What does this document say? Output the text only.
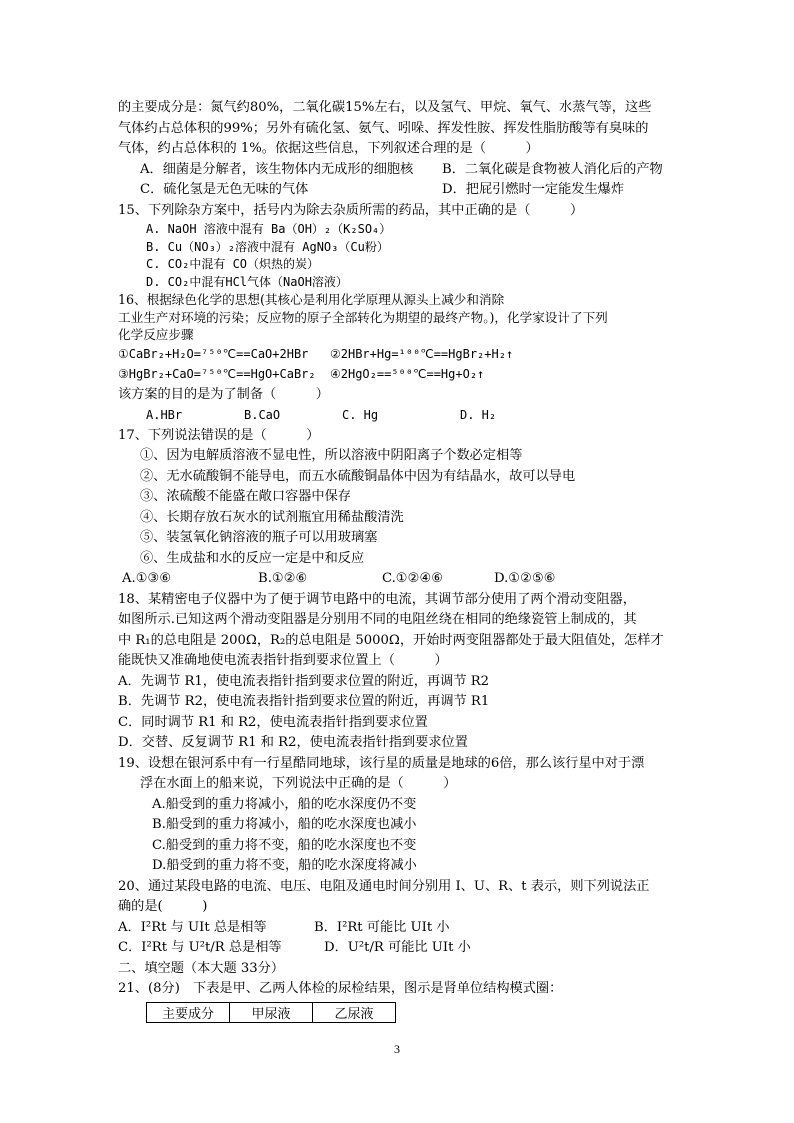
的主要成分是：氮气约80%，二氧化碳15%左右，以及氢气、甲烷、氧气、水蒸气等，这些
气体约占总体积的99%；另外有硫化氢、氨气、吲哚、挥发性胺、挥发性脂肪酸等有臭味的
气体，约占总体积的 1%。依据这些信息，下列叙述合理的是（　　　）
A．细菌是分解者，该生物体内无成形的细胞核	B．二氧化碳是食物被人消化后的产物
C．硫化氢是无色无味的气体	D．把屁引燃时一定能发生爆炸
15、下列除杂方案中，括号内为除去杂质所需的药品，其中正确的是（　　　）
A. NaOH 溶液中混有 Ba（OH）₂（K₂SO₄）
B. Cu（NO₃）₂溶液中混有 AgNO₃（Cu粉）
C. CO₂中混有 CO（炽热的炭）
D. CO₂中混有HCl气体（NaOH溶液）
16、根据绿色化学的思想(其核心是利用化学原理从源头上减少和消除
工业生产对环境的污染；反应物的原子全部转化为期望的最终产物。)，化学家设计了下列
化学反应步骤
①CaBr₂+H₂O=⁷⁵⁰℃==CaO+2HBr	②2HBr+Hg=¹⁰⁰℃==HgBr₂+H₂↑
③HgBr₂+CaO=⁷⁵⁰℃==HgO+CaBr₂	④2HgO₂==⁵⁰⁰℃==Hg+O₂↑
该方案的目的是为了制备（　　　）
A.HBr	B.CaO	C. Hg	D. H₂
17、下列说法错误的是（　　　）
①、因为电解质溶液不显电性，所以溶液中阴阳离子个数必定相等
②、无水硫酸铜不能导电，而五水硫酸铜晶体中因为有结晶水，故可以导电
③、浓硫酸不能盛在敞口容器中保存
④、长期存放石灰水的试剂瓶宜用稀盐酸清洗
⑤、装氢氧化钠溶液的瓶子可以用玻璃塞
⑥、生成盐和水的反应一定是中和反应
A.①③⑥	B.①②⑥	C.①②④⑥	D.①②⑤⑥
18、某精密电子仪器中为了便于调节电路中的电流，其调节部分使用了两个滑动变阻器，
如图所示.已知这两个滑动变阻器是分别用不同的电阻丝绕在相同的绝缘瓷管上制成的，其
中 R₁的总电阻是 200Ω，R₂的总电阻是 5000Ω，开始时两变阻器都处于最大阻值处，怎样才
能既快又准确地使电流表指针指到要求位置上（　　　）
A．先调节 R1，使电流表指针指到要求位置的附近，再调节 R2
B．先调节 R2，使电流表指针指到要求位置的附近，再调节 R1
C．同时调节 R1 和 R2，使电流表指针指到要求位置
D．交替、反复调节 R1 和 R2，使电流表指针指到要求位置
19、设想在银河系中有一行星酷同地球，该行星的质量是地球的6倍，那么该行星中对于漂
浮在水面上的船来说，下列说法中正确的是（　　　）
A.船受到的重力将减小，船的吃水深度仍不变
B.船受到的重力将减小，船的吃水深度也减小
C.船受到的重力将不变，船的吃水深度也不变
D.船受到的重力将不变，船的吃水深度将减小
20、通过某段电路的电流、电压、电阻及通电时间分别用 I、U、R、t 表示，则下列说法正
确的是(　　　)
A．I²Rt 与 UIt 总是相等	B．I²Rt 可能比 UIt 小
C．I²Rt 与 U²t/R 总是相等	D．U²t/R 可能比 UIt 小
二、填空题（本大题 33分）
21、(8分)　下表是甲、乙两人体检的尿检结果，图示是肾单位结构模式圈：
主要成分	甲尿液	乙尿液
3
